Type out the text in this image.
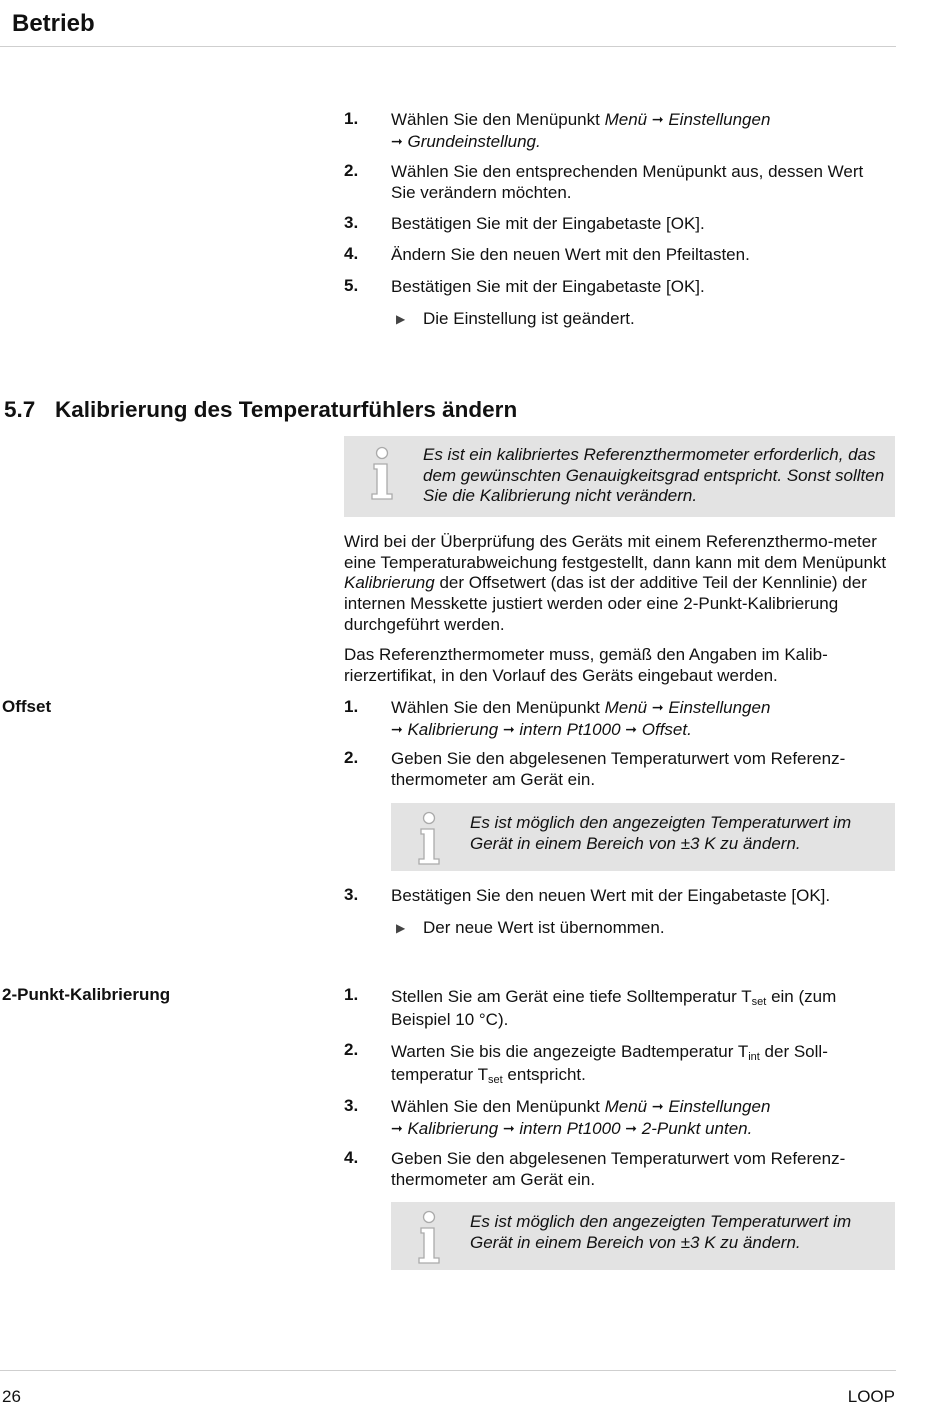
Betrieb
1.	Wählen Sie den Menüpunkt Menü ➞ Einstellungen
➞ Grundeinstellung.
2.	Wählen Sie den entsprechenden Menüpunkt aus, dessen Wert Sie verändern möchten.
3.	Bestätigen Sie mit der Eingabetaste [OK].
4.	Ändern Sie den neuen Wert mit den Pfeiltasten.
5.	Bestätigen Sie mit der Eingabetaste [OK].
▶ Die Einstellung ist geändert.
5.7 Kalibrierung des Temperaturfühlers ändern
Es ist ein kalibriertes Referenzthermometer erforderlich, das dem gewünschten Genauigkeitsgrad entspricht. Sonst sollten Sie die Kalibrierung nicht verändern.
Wird bei der Überprüfung des Geräts mit einem Referenzthermo-meter eine Temperaturabweichung festgestellt, dann kann mit dem Menüpunkt Kalibrierung der Offsetwert (das ist der additive Teil der Kennlinie) der internen Messkette justiert werden oder eine 2-Punkt-Kalibrierung durchgeführt werden.
Das Referenzthermometer muss, gemäß den Angaben im Kalib-rierzertifikat, in den Vorlauf des Geräts eingebaut werden.
Offset	1.	Wählen Sie den Menüpunkt Menü ➞ Einstellungen
➞ Kalibrierung ➞ intern Pt1000 ➞ Offset.
2.	Geben Sie den abgelesenen Temperaturwert vom Referenz-thermometer am Gerät ein.
Es ist möglich den angezeigten Temperaturwert im Gerät in einem Bereich von ±3 K zu ändern.
3.	Bestätigen Sie den neuen Wert mit der Eingabetaste [OK].
▶ Der neue Wert ist übernommen.
2-Punkt-Kalibrierung	1.	Stellen Sie am Gerät eine tiefe Solltemperatur $T_{set}$ ein (zum Beispiel 10 °C).
2.	Warten Sie bis die angezeigte Badtemperatur $T_{int}$ der Soll-temperatur $T_{set}$ entspricht.
3.	Wählen Sie den Menüpunkt Menü ➞ Einstellungen
➞ Kalibrierung ➞ intern Pt1000 ➞ 2-Punkt unten.
4.	Geben Sie den abgelesenen Temperaturwert vom Referenz-thermometer am Gerät ein.
Es ist möglich den angezeigten Temperaturwert im Gerät in einem Bereich von ±3 K zu ändern.
26	LOOP
